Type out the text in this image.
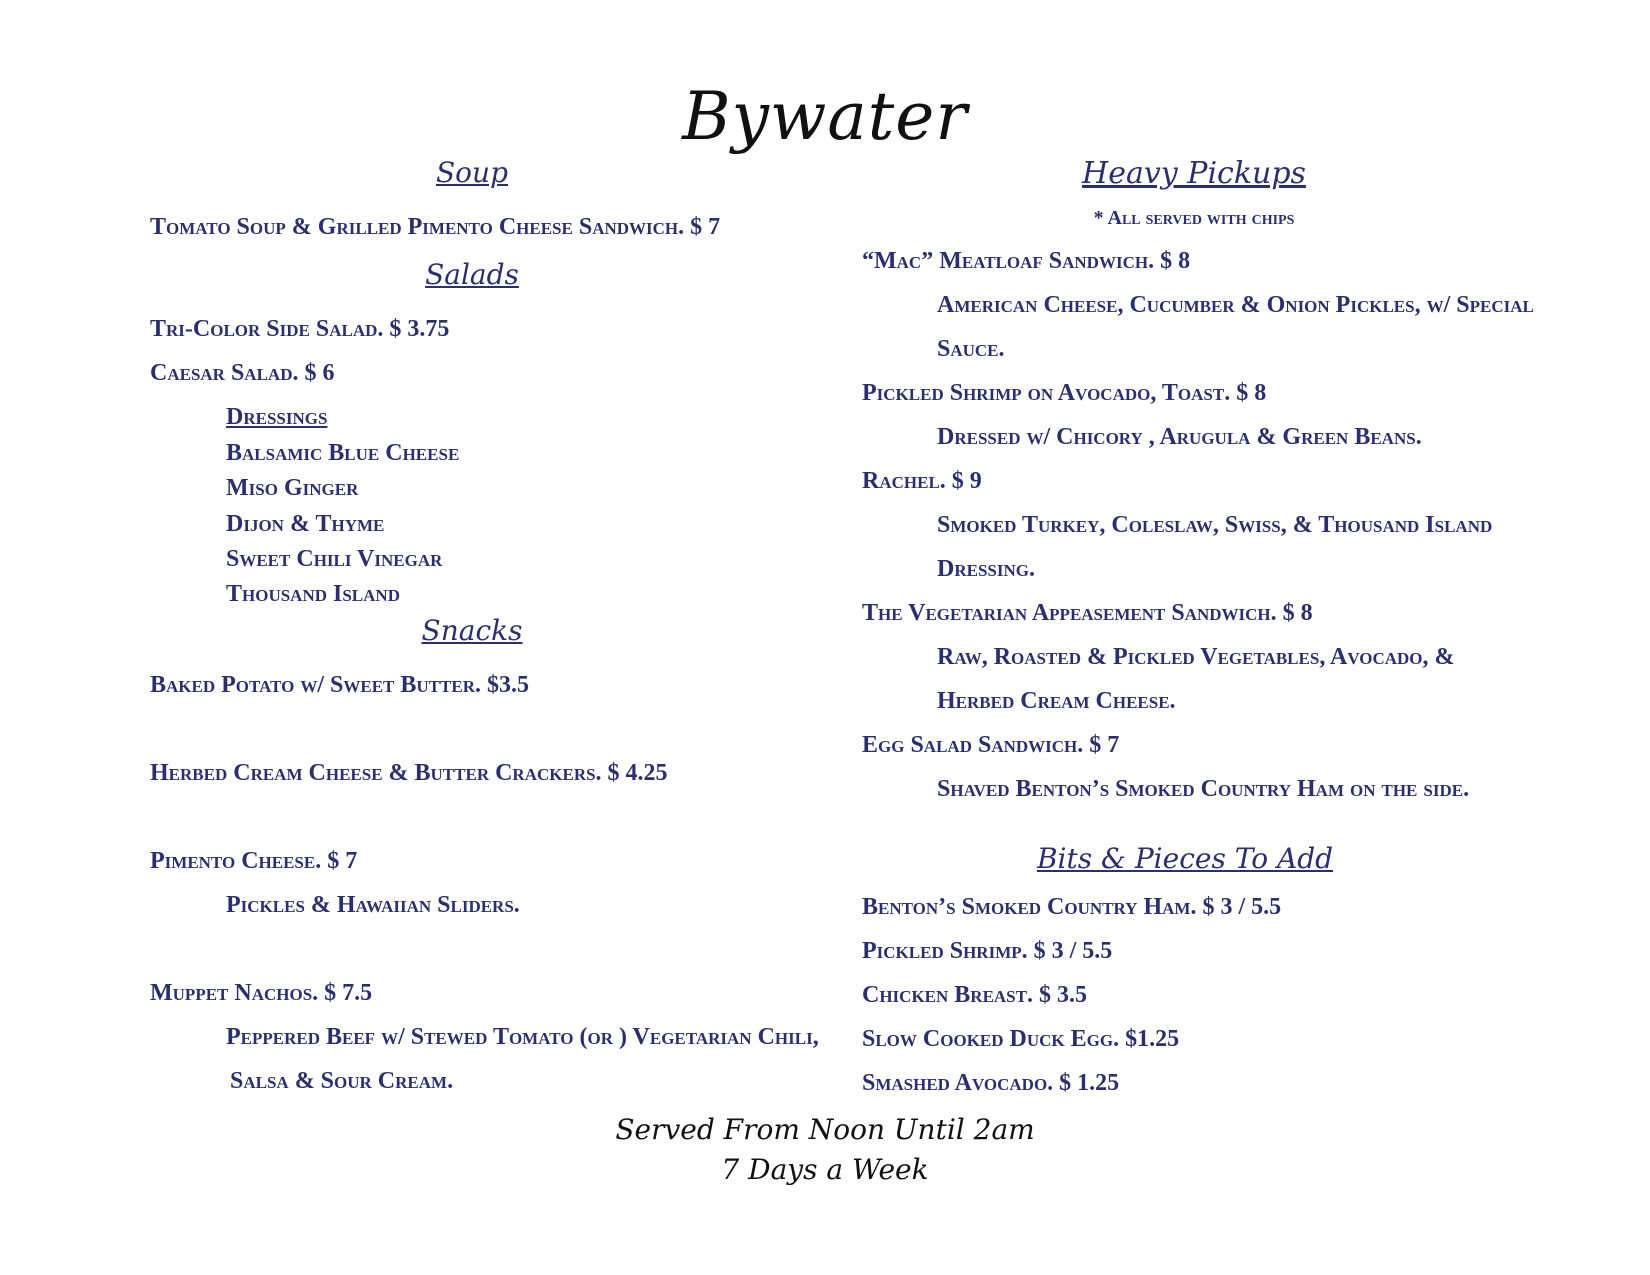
Bywater
Soup
Tomato Soup & Grilled Pimento Cheese Sandwich. $ 7
Salads
Tri-Color Side Salad. $ 3.75
Caesar Salad. $ 6
Dressings
Balsamic Blue Cheese
Miso Ginger
Dijon & Thyme
Sweet Chili Vinegar
Thousand Island
Snacks
Baked Potato w/ Sweet Butter. $3.5
Herbed Cream Cheese & Butter Crackers. $ 4.25
Pimento Cheese. $ 7
Pickles & Hawaiian Sliders.
Muppet Nachos. $ 7.5
Peppered Beef w/ Stewed Tomato (or ) Vegetarian Chili,
Salsa & Sour Cream.
Heavy Pickups
* All served with chips
“Mac” Meatloaf Sandwich. $ 8
American Cheese, Cucumber & Onion Pickles, w/ Special
Sauce.
Pickled Shrimp on Avocado, Toast. $ 8
Dressed w/ Chicory , Arugula & Green Beans.
Rachel. $ 9
Smoked Turkey, Coleslaw, Swiss, & Thousand Island
Dressing.
The Vegetarian Appeasement Sandwich. $ 8
Raw, Roasted & Pickled Vegetables, Avocado, &
Herbed Cream Cheese.
Egg Salad Sandwich. $ 7
Shaved Benton’s Smoked Country Ham on the side.
Bits & Pieces To Add
Benton’s Smoked Country Ham. $ 3 / 5.5
Pickled Shrimp. $ 3 / 5.5
Chicken Breast. $ 3.5
Slow Cooked Duck Egg. $1.25
Smashed Avocado. $ 1.25
Served From Noon Until 2am
7 Days a Week
